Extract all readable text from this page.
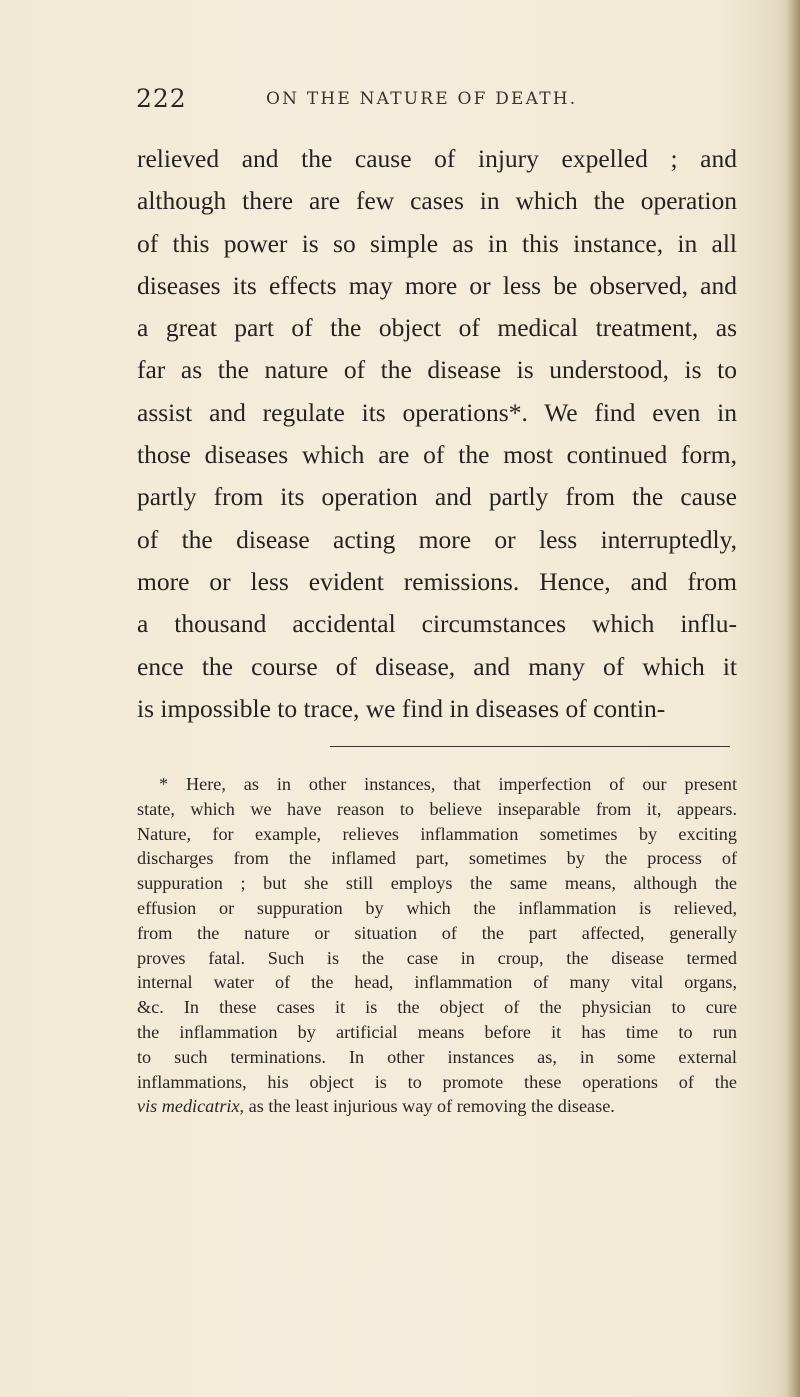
222	ON THE NATURE OF DEATH.
relieved and the cause of injury expelled ; and
although there are few cases in which the operation
of this power is so simple as in this instance, in all
diseases its effects may more or less be observed, and
a great part of the object of medical treatment, as
far as the nature of the disease is understood, is to
assist and regulate its operations*. We find even in
those diseases which are of the most continued form,
partly from its operation and partly from the cause
of the disease acting more or less interruptedly,
more or less evident remissions. Hence, and from
a thousand accidental circumstances which influ-
ence the course of disease, and many of which it
is impossible to trace, we find in diseases of contin-
* Here, as in other instances, that imperfection of our present
state, which we have reason to believe inseparable from it, appears.
Nature, for example, relieves inflammation sometimes by exciting
discharges from the inflamed part, sometimes by the process of
suppuration ; but she still employs the same means, although the
effusion or suppuration by which the inflammation is relieved,
from the nature or situation of the part affected, generally
proves fatal. Such is the case in croup, the disease termed
internal water of the head, inflammation of many vital organs,
&c. In these cases it is the object of the physician to cure
the inflammation by artificial means before it has time to run
to such terminations. In other instances as, in some external
inflammations, his object is to promote these operations of the
vis medicatrix, as the least injurious way of removing the disease.
